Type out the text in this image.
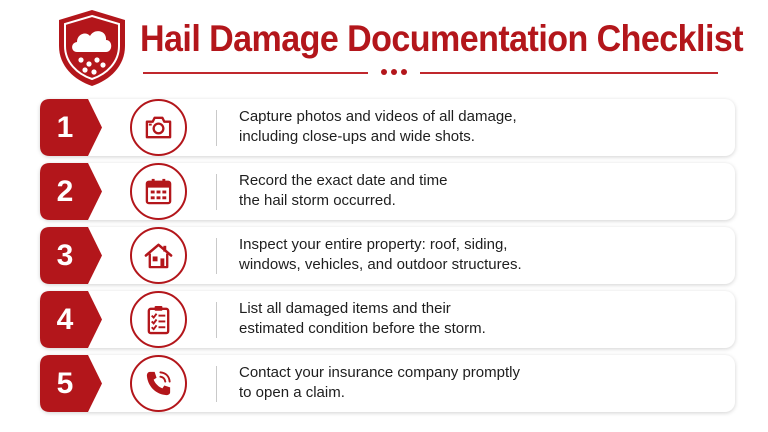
Hail Damage Documentation Checklist
1	Capture photos and videos of all damage,
including close-ups and wide shots.
2	Record the exact date and time
the hail storm occurred.
3	Inspect your entire property: roof, siding,
windows, vehicles, and outdoor structures.
4	List all damaged items and their
estimated condition before the storm.
5	Contact your insurance company promptly
to open a claim.
